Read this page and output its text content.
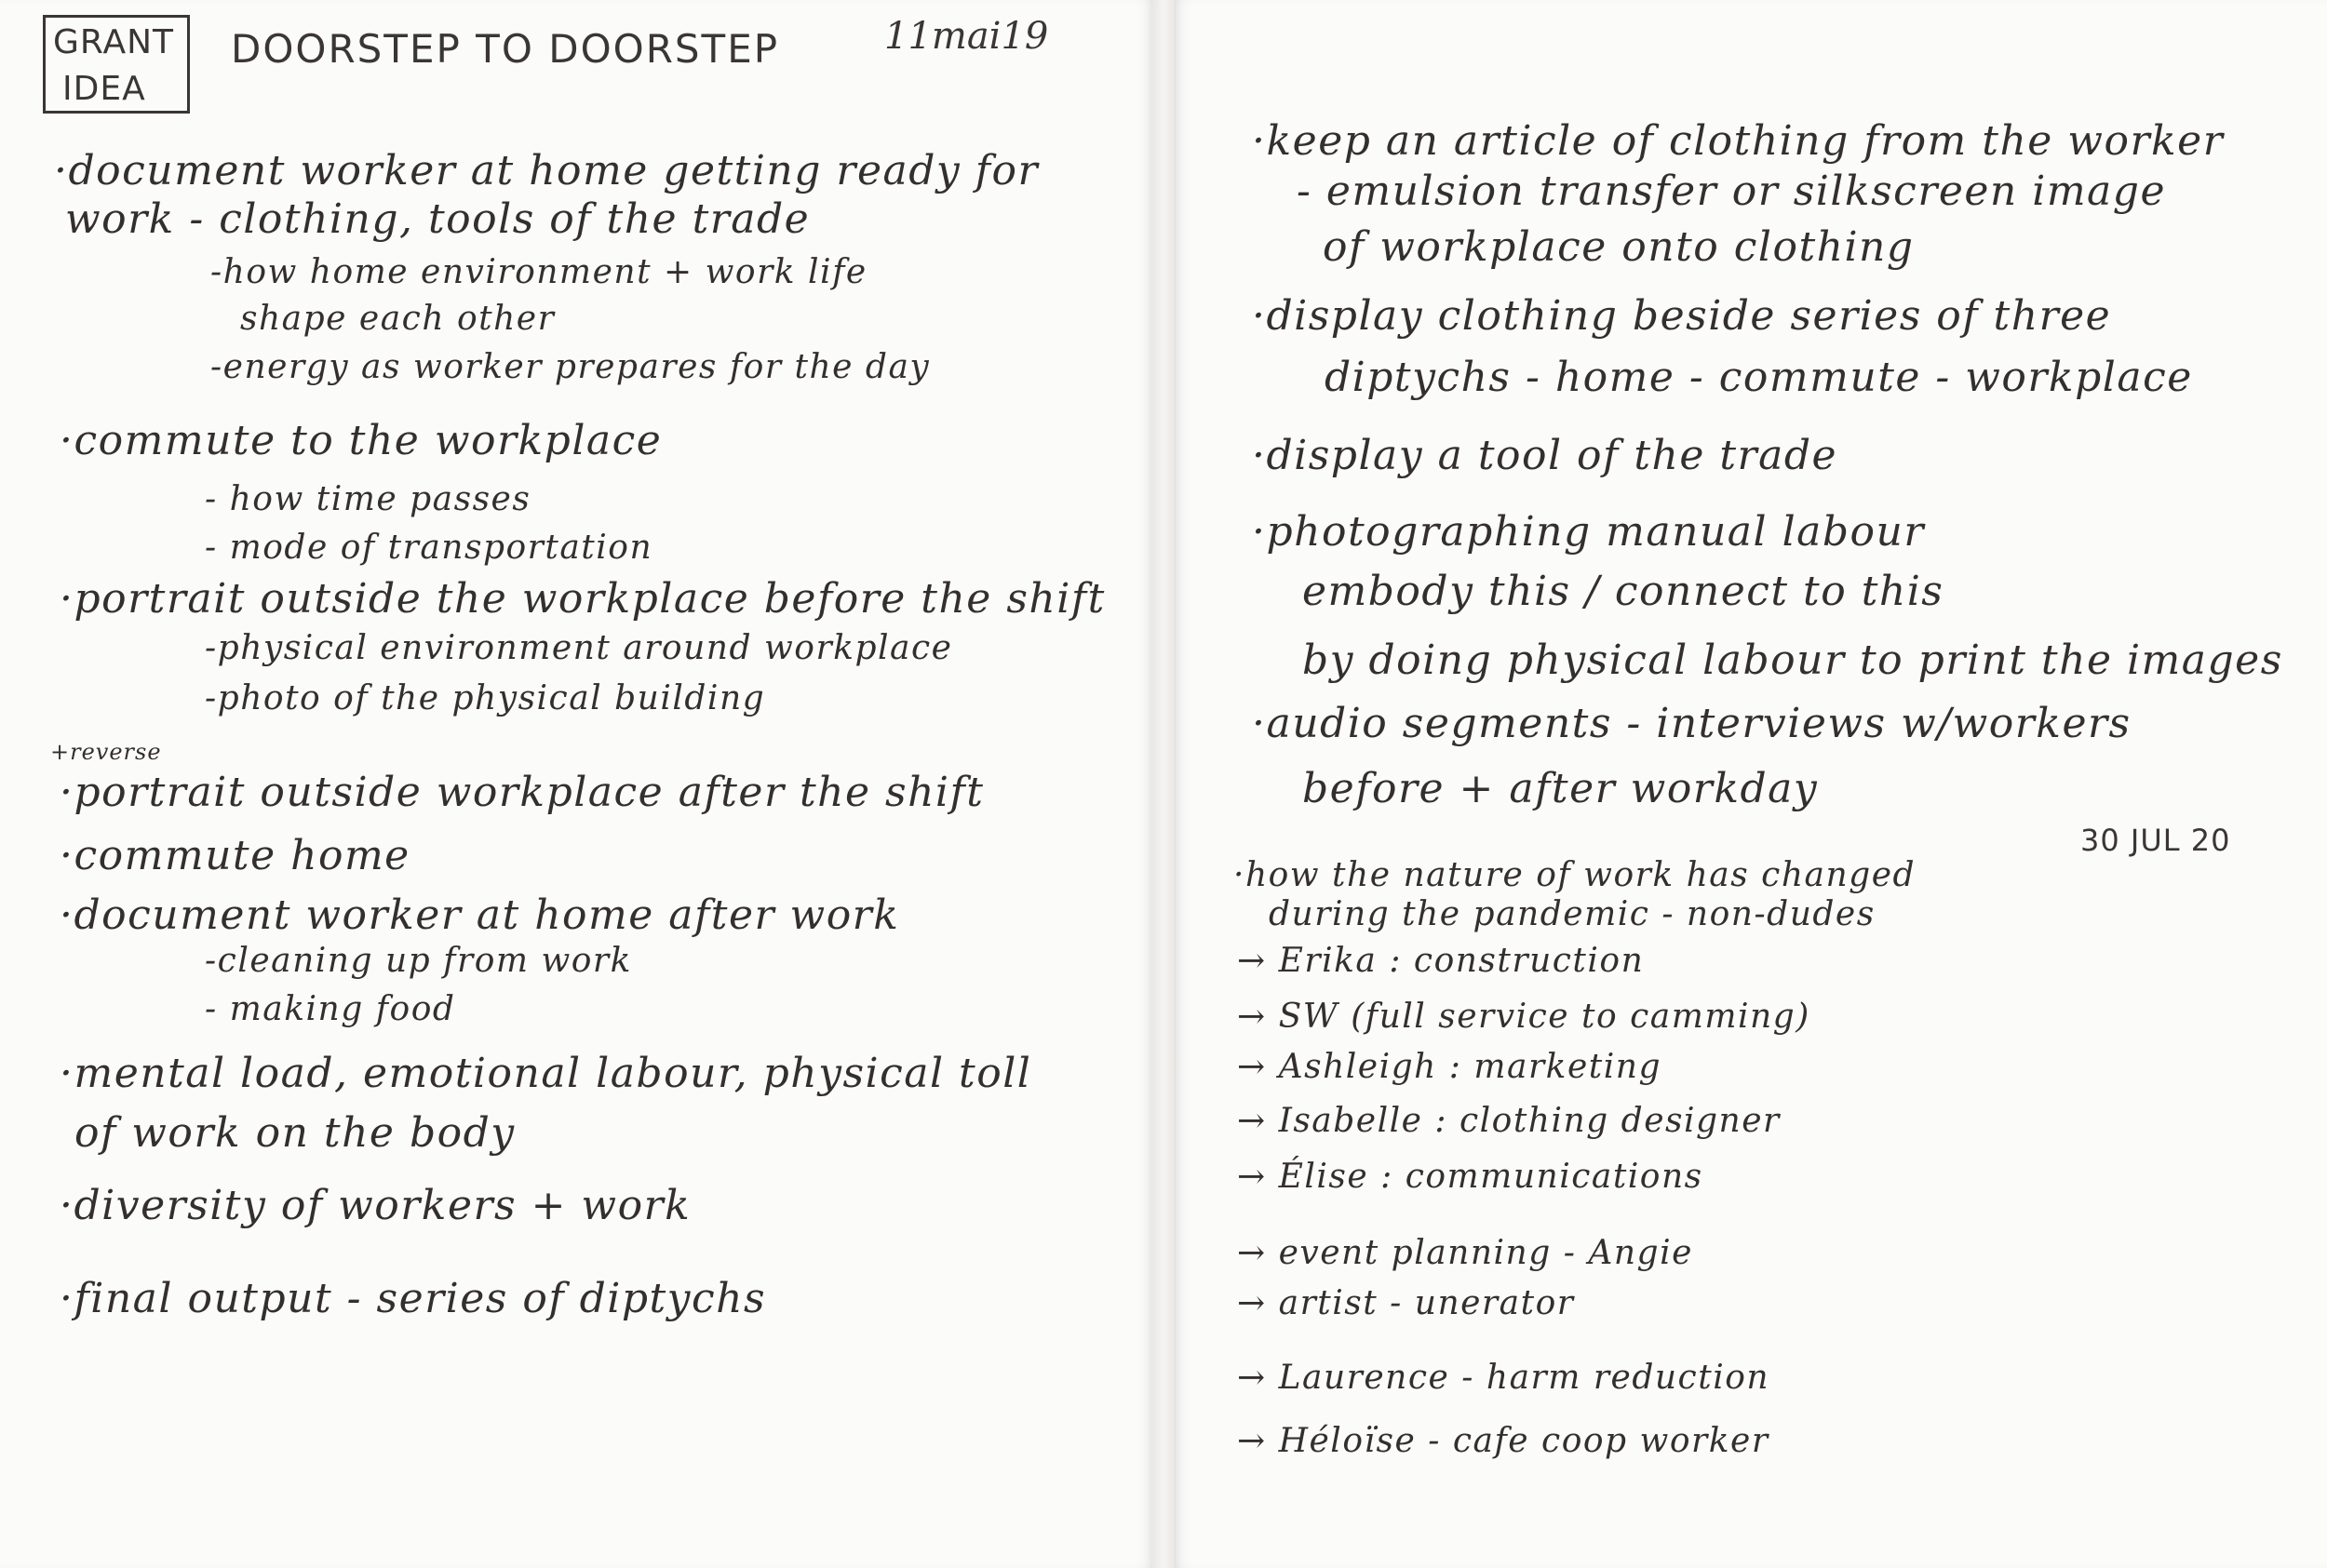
GRANT
IDEA
DOORSTEP TO DOORSTEP	11mai19
·document worker at home getting ready for
work - clothing, tools of the trade
-how home environment + work life
shape each other
-energy as worker prepares for the day
·commute to the workplace
- how time passes
- mode of transportation
·portrait outside the workplace before the shift
-physical environment around workplace
-photo of the physical building
+reverse
·portrait outside workplace after the shift
·commute home
·document worker at home after work
-cleaning up from work
- making food
·mental load, emotional labour, physical toll
of work on the body
·diversity of workers + work
·final output - series of diptychs
·keep an article of clothing from the worker
- emulsion transfer or silkscreen image
of workplace onto clothing
·display clothing beside series of three
diptychs - home - commute - workplace
·display a tool of the trade
·photographing manual labour
embody this / connect to this
by doing physical labour to print the images
·audio segments - interviews w/workers
before + after workday
30 JUL 20
·how the nature of work has changed
during the pandemic - non-dudes
→ Erika : construction
→ SW (full service to camming)
→ Ashleigh : marketing
→ Isabelle : clothing designer
→ Élise : communications
→ event planning - Angie
→ artist - unerator
→ Laurence - harm reduction
→ Héloïse - cafe coop worker
